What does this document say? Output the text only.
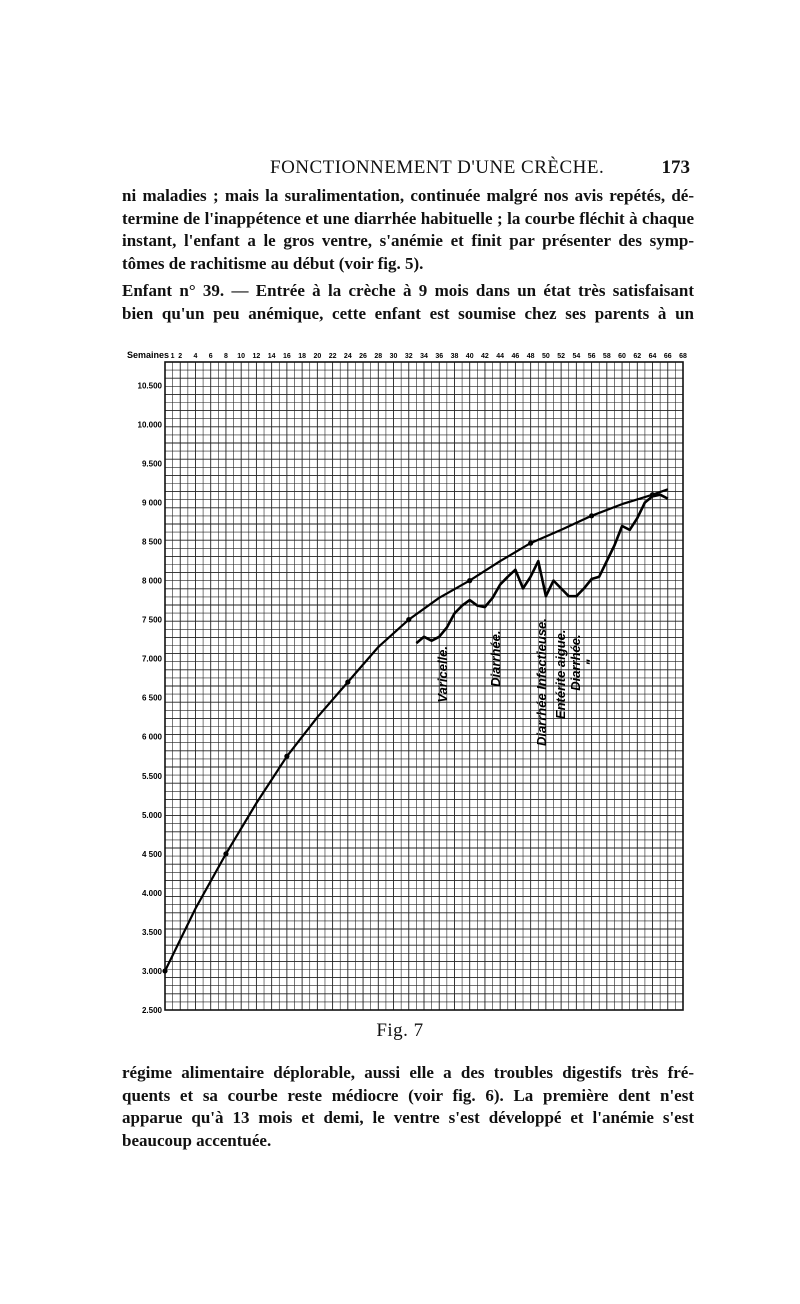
FONCTIONNEMENT D'UNE CRÈCHE.	173
ni maladies ; mais la suralimentation, continuée malgré nos avis repétés, dé-
termine de l'inappétence et une diarrhée habituelle ; la courbe fléchit à chaque
instant, l'enfant a le gros ventre, s'anémie et finit par présenter des symp-
tômes de rachitisme au début (voir fig. 5).
Enfant n° 39. — Entrée à la crèche à 9 mois dans un état très satisfaisant
bien qu'un peu anémique, cette enfant est soumise chez ses parents à un
Semaines 1 2 4 6 8 10 12 14 16 18 20 22 24 26 28 30 32 34 36 38 40 42 44 46 48 50 52 54 56 58 60 62 64 66 68
2.500
3.000
3.500
4.000
4 500
5.000
5.500
6 000
6 500
7.000
7 500
8 000
8 500
9 000
9.500
10.000
10.500
Varicelle.	Diarrhée. Diarrhée Infectieuse. Entérite aigue. Diarrhée. "
Fig. 7
régime alimentaire déplorable, aussi elle a des troubles digestifs très fré-
quents et sa courbe reste médiocre (voir fig. 6). La première dent n'est
apparue qu'à 13 mois et demi, le ventre s'est développé et l'anémie s'est
beaucoup accentuée.
